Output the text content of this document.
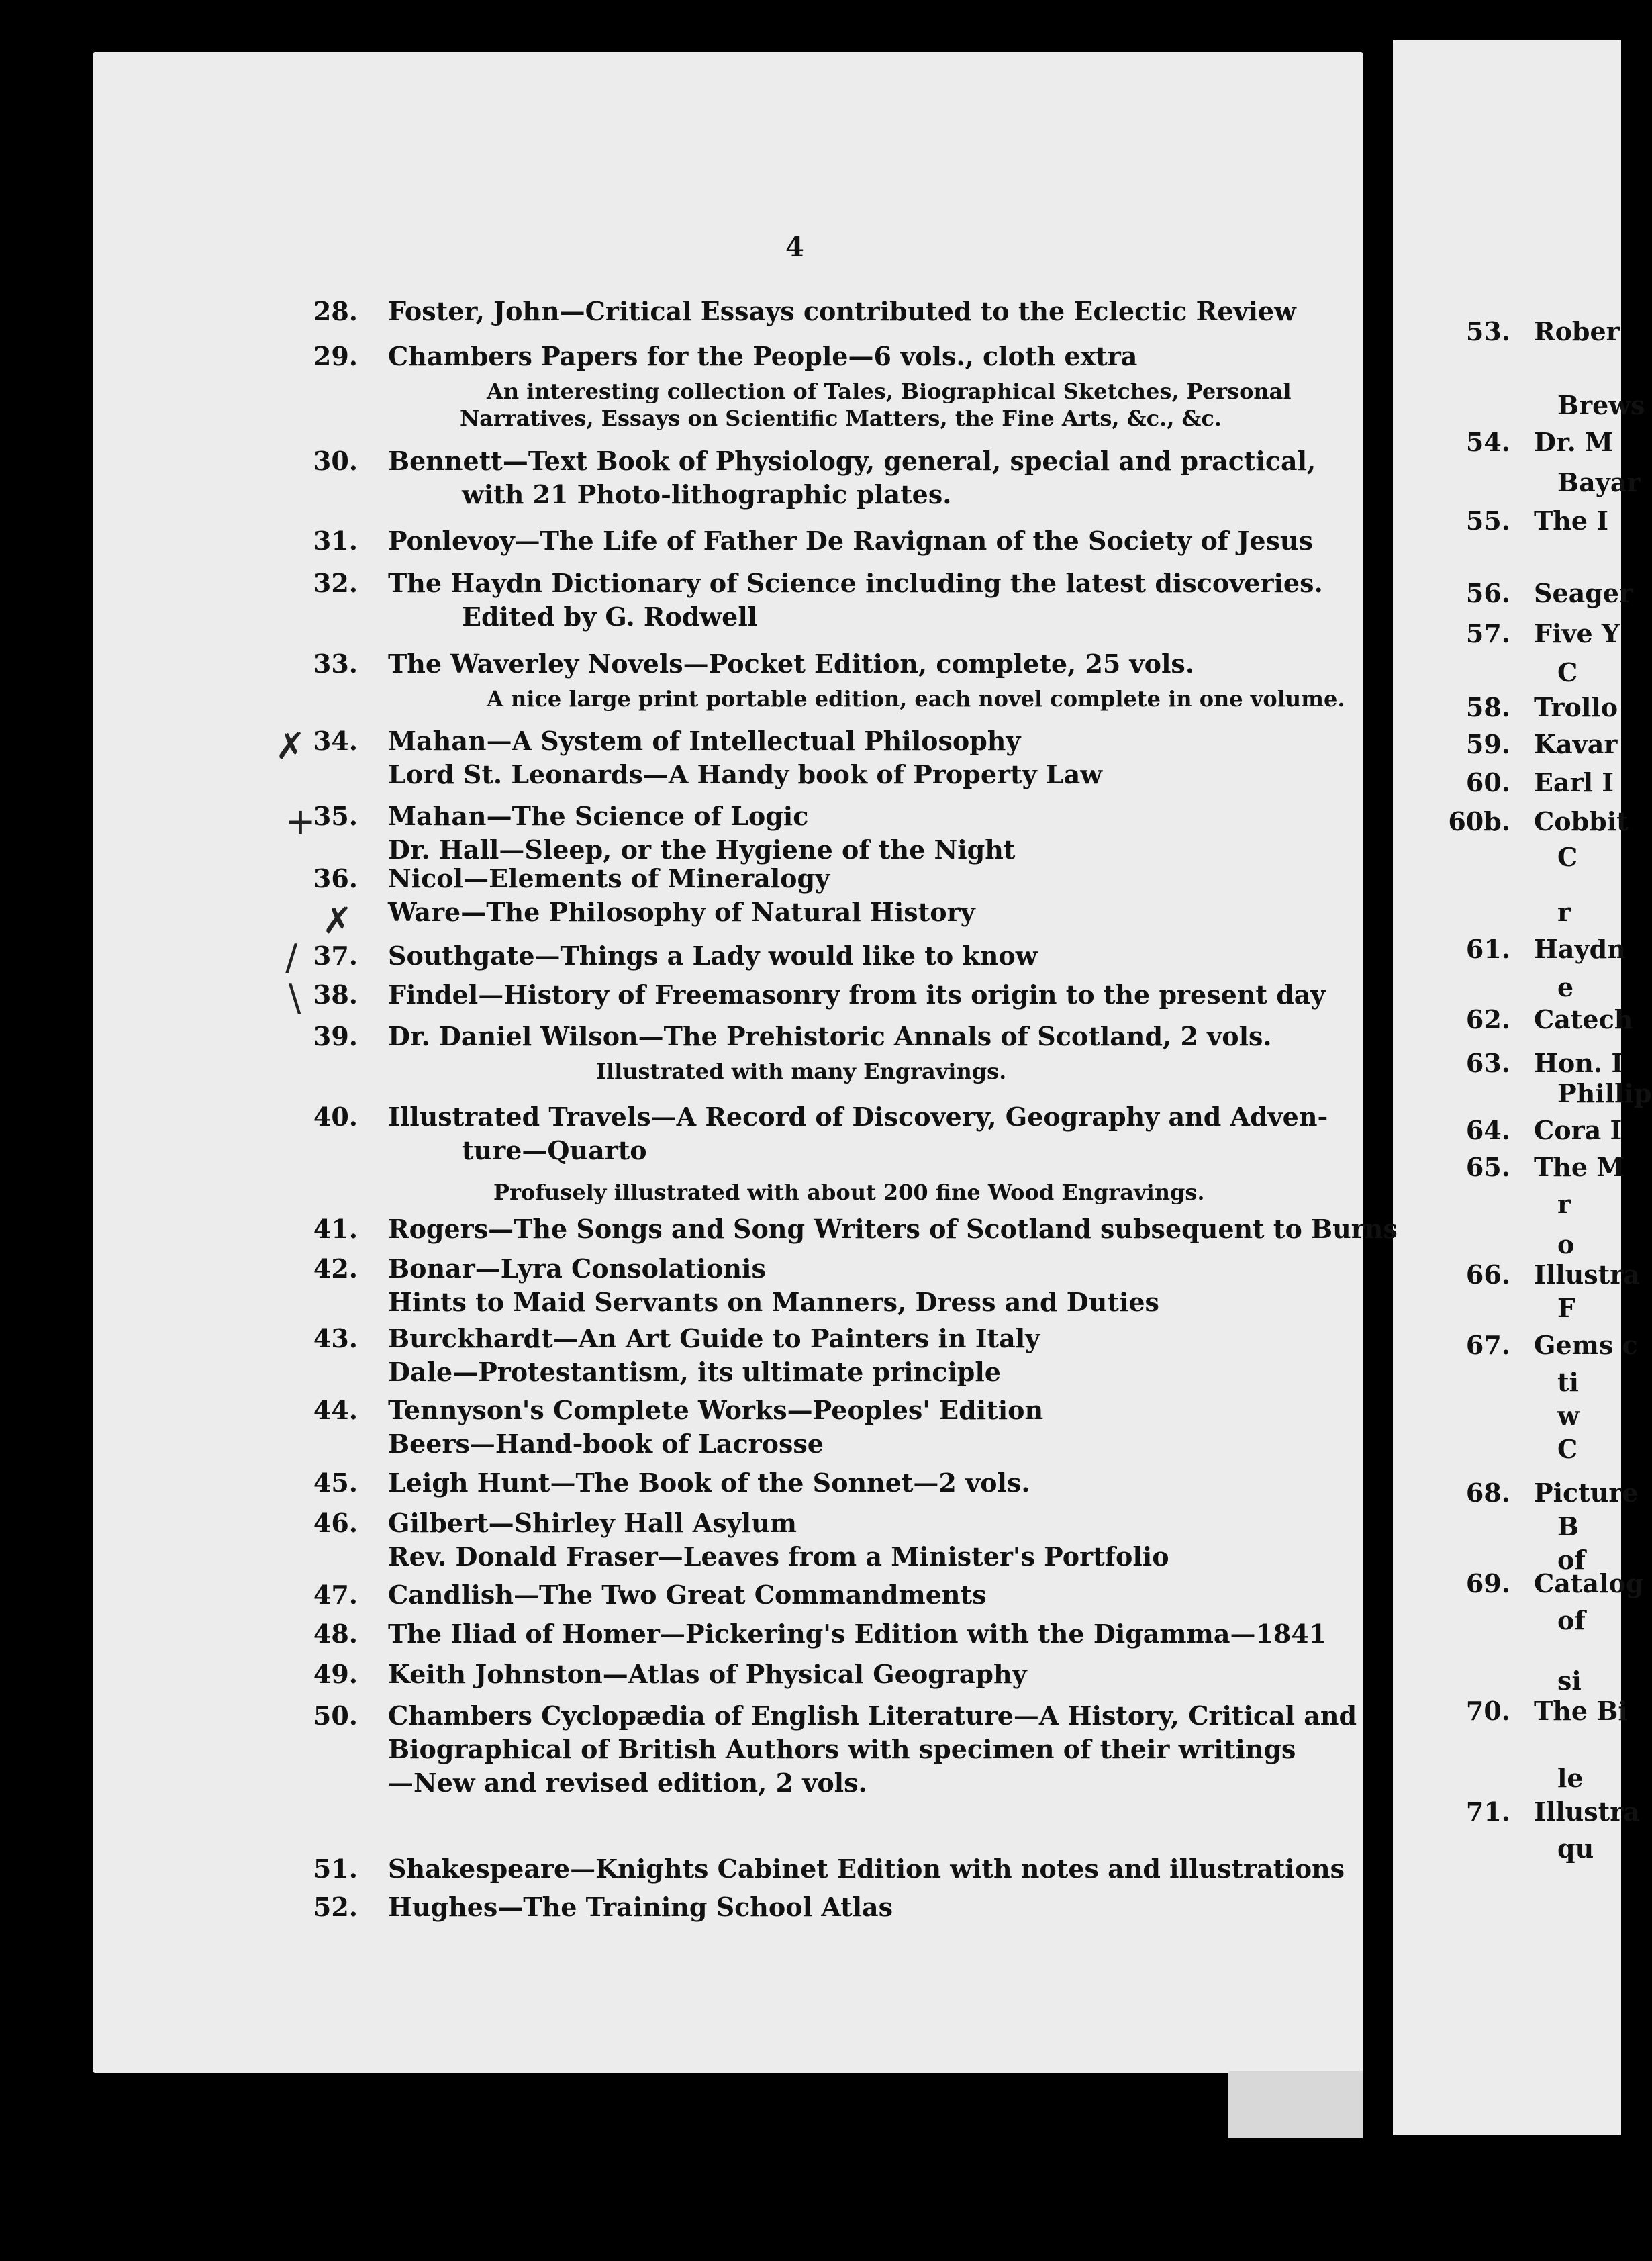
4
28. Foster, John—Critical Essays contributed to the Eclectic Review
29. Chambers Papers for the People—6 vols., cloth extra
An interesting collection of Tales, Biographical Sketches, Personal
Narratives, Essays on Scientific Matters, the Fine Arts, &c., &c.
30. Bennett—Text Book of Physiology, general, special and practical,
with 21 Photo-lithographic plates.
31. Ponlevoy—The Life of Father De Ravignan of the Society of Jesus
32. The Haydn Dictionary of Science including the latest discoveries.
Edited by G. Rodwell
33. The Waverley Novels—Pocket Edition, complete, 25 vols.
A nice large print portable edition, each novel complete in one volume.
34. Mahan—A System of Intellectual Philosophy
Lord St. Leonards—A Handy book of Property Law
35. Mahan—The Science of Logic
Dr. Hall—Sleep, or the Hygiene of the Night
36. Nicol—Elements of Mineralogy
Ware—The Philosophy of Natural History
37. Southgate—Things a Lady would like to know
38. Findel—History of Freemasonry from its origin to the present day
39. Dr. Daniel Wilson—The Prehistoric Annals of Scotland, 2 vols.
Illustrated with many Engravings.
40. Illustrated Travels—A Record of Discovery, Geography and Adven-
ture—Quarto
Profusely illustrated with about 200 fine Wood Engravings.
41. Rogers—The Songs and Song Writers of Scotland subsequent to Burns
42. Bonar—Lyra Consolationis
Hints to Maid Servants on Manners, Dress and Duties
43. Burckhardt—An Art Guide to Painters in Italy
Dale—Protestantism, its ultimate principle
44. Tennyson's Complete Works—Peoples' Edition
Beers—Hand-book of Lacrosse
45. Leigh Hunt—The Book of the Sonnet—2 vols.
46. Gilbert—Shirley Hall Asylum
Rev. Donald Fraser—Leaves from a Minister's Portfolio
47. Candlish—The Two Great Commandments
48. The Iliad of Homer—Pickering's Edition with the Digamma—1841
49. Keith Johnston—Atlas of Physical Geography
50. Chambers Cyclopædia of English Literature—A History, Critical and
Biographical of British Authors with specimen of their writings
—New and revised edition, 2 vols.
51. Shakespeare—Knights Cabinet Edition with notes and illustrations
52. Hughes—The Training School Atlas
✗
+
✗
/
\
53. Rober
Brews
54. Dr. M
Bayar
55. The I
56. Seager
57. Five Y
C
58. Trollo
59. Kavar
60. Earl I
60b. Cobbit
C
r
61. Haydn
e
62. Catech
63. Hon. I
Phillip
64. Cora I
65. The M
r
o
66. Illustra
F
67. Gems c
ti
w
C
68. Picture
B
of
69. Catalog
of
si
70. The Bi
le
71. Illustra
qu
